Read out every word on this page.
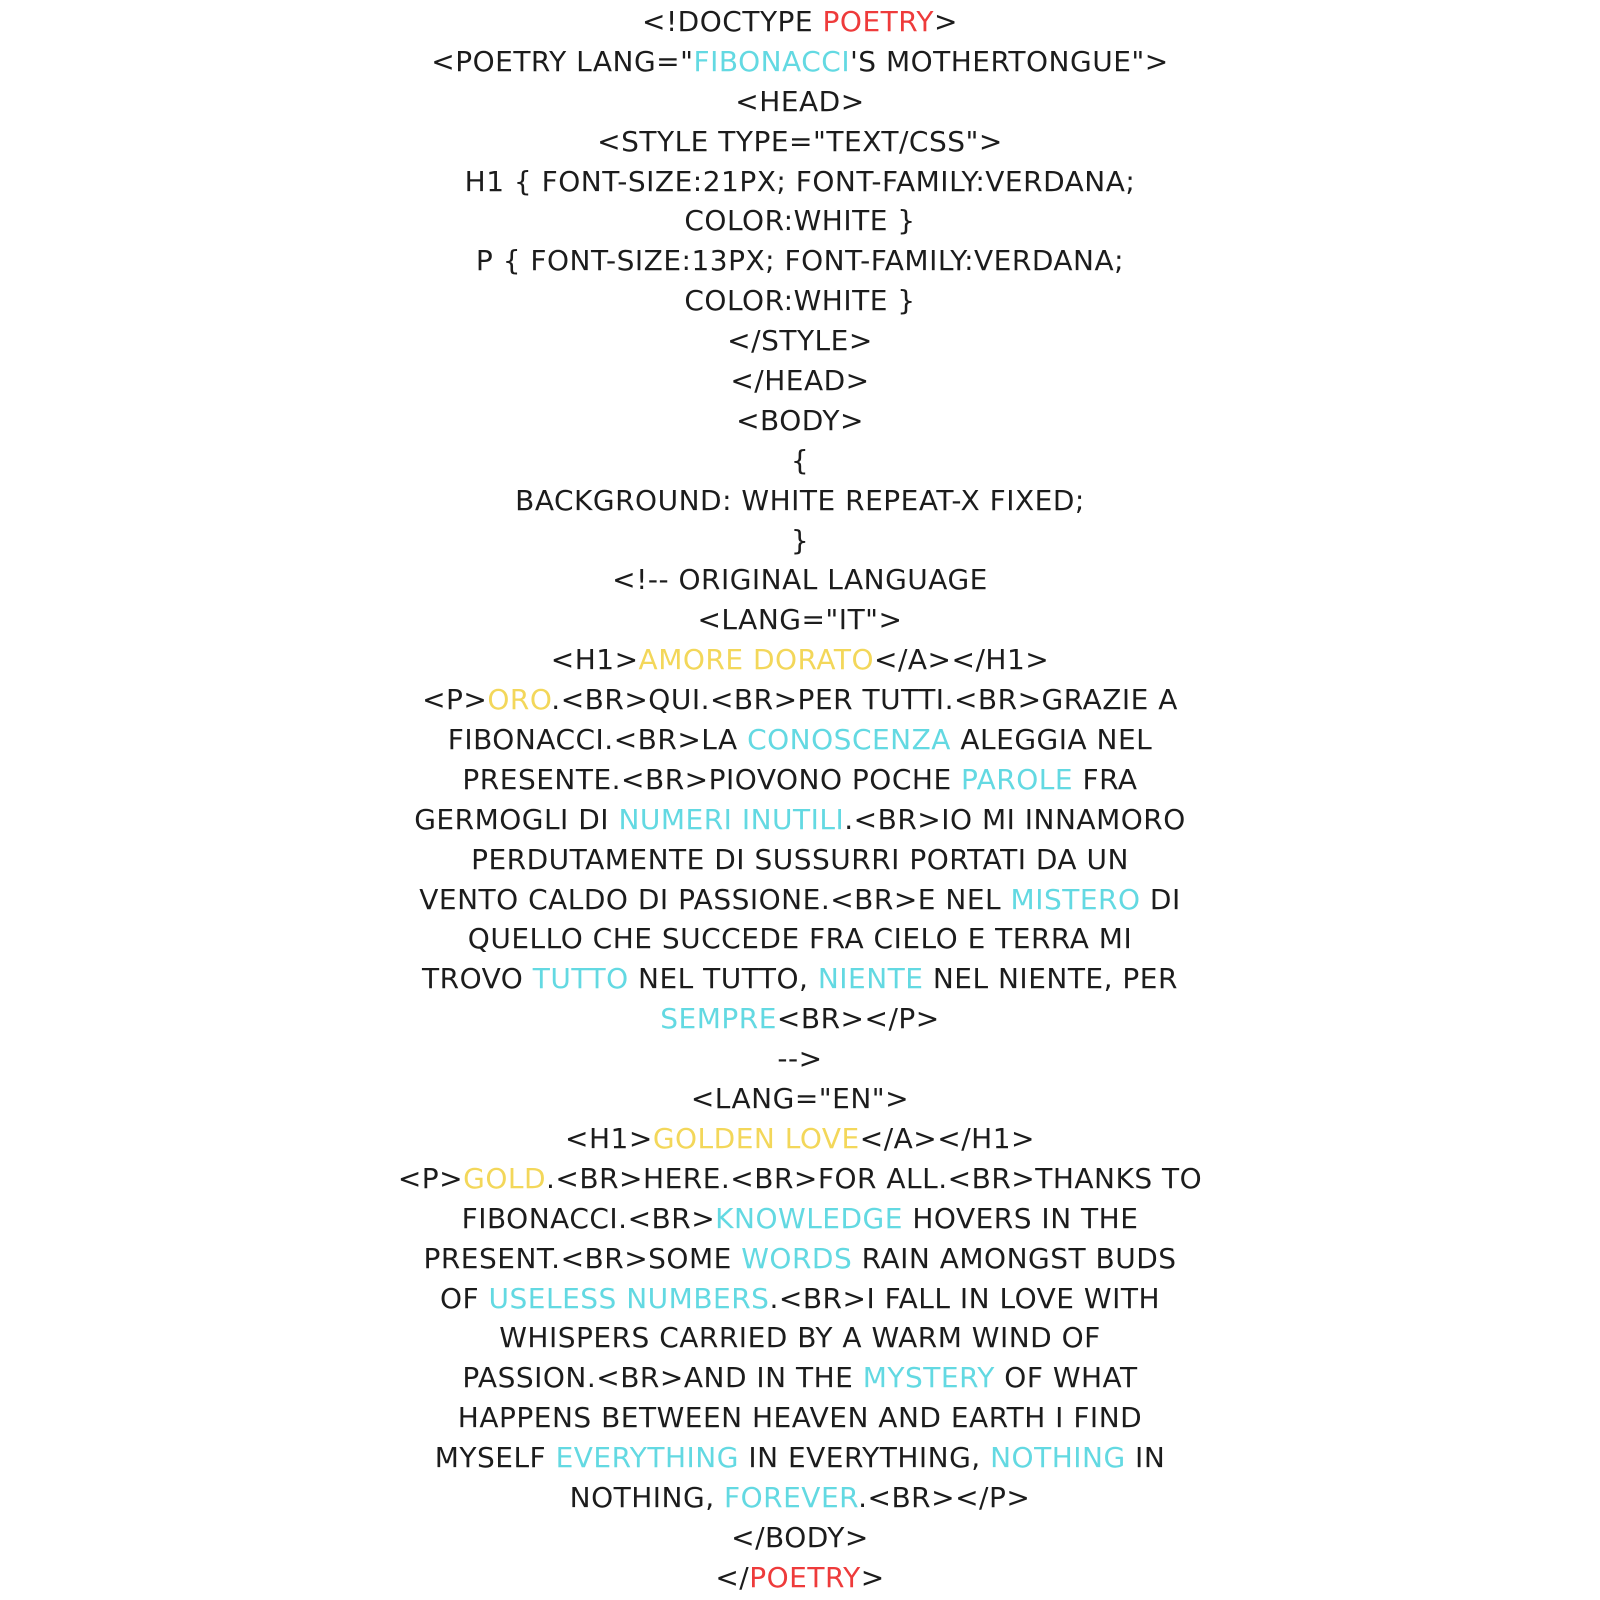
<!DOCTYPE POETRY>
<POETRY LANG="FIBONACCI'S MOTHERTONGUE">
<HEAD>
<STYLE TYPE="TEXT/CSS">
H1 { FONT-SIZE:21PX; FONT-FAMILY:VERDANA;
COLOR:WHITE }
P { FONT-SIZE:13PX; FONT-FAMILY:VERDANA;
COLOR:WHITE }
</STYLE>
</HEAD>
<BODY>
{
BACKGROUND: WHITE REPEAT-X FIXED;
}
<!-- ORIGINAL LANGUAGE
<LANG="IT">
<H1>AMORE DORATO</A></H1>
<P>ORO.<BR>QUI.<BR>PER TUTTI.<BR>GRAZIE A
FIBONACCI.<BR>LA CONOSCENZA ALEGGIA NEL
PRESENTE.<BR>PIOVONO POCHE PAROLE FRA
GERMOGLI DI NUMERI INUTILI.<BR>IO MI INNAMORO
PERDUTAMENTE DI SUSSURRI PORTATI DA UN
VENTO CALDO DI PASSIONE.<BR>E NEL MISTERO DI
QUELLO CHE SUCCEDE FRA CIELO E TERRA MI
TROVO TUTTO NEL TUTTO, NIENTE NEL NIENTE, PER
SEMPRE<BR></P>
-->
<LANG="EN">
<H1>GOLDEN LOVE</A></H1>
<P>GOLD.<BR>HERE.<BR>FOR ALL.<BR>THANKS TO
FIBONACCI.<BR>KNOWLEDGE HOVERS IN THE
PRESENT.<BR>SOME WORDS RAIN AMONGST BUDS
OF USELESS NUMBERS.<BR>I FALL IN LOVE WITH
WHISPERS CARRIED BY A WARM WIND OF
PASSION.<BR>AND IN THE MYSTERY OF WHAT
HAPPENS BETWEEN HEAVEN AND EARTH I FIND
MYSELF EVERYTHING IN EVERYTHING, NOTHING IN
NOTHING, FOREVER.<BR></P>
</BODY>
</POETRY>
